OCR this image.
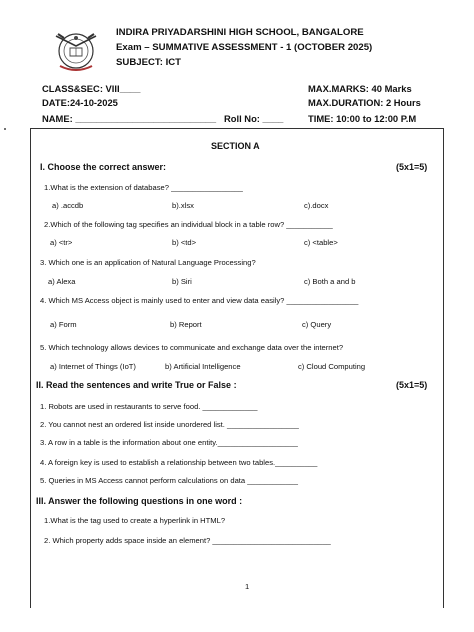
INDIRA PRIYADARSHINI HIGH SCHOOL, BANGALORE
Exam – SUMMATIVE ASSESSMENT - 1 (OCTOBER 2025)
SUBJECT: ICT
CLASS&SEC: VIII____	MAX.MARKS: 40 Marks
DATE:24-10-2025	MAX.DURATION: 2 Hours
NAME: ___________________________ Roll No: ____	TIME: 10:00 to 12:00 P.M
SECTION A
I. Choose the correct answer:	(5x1=5)
1.What is the extension of database? _________________
a) .accdb	b).xlsx	c).docx
2.Which of the following tag specifies an individual block in a table row? ___________
a) <tr>	b) <td>	c) <table>
3. Which one is an application of Natural Language Processing?
a) Alexa	b) Siri	c) Both a and b
4. Which MS Access object is mainly used to enter and view data easily? _________________
a) Form	b) Report	c) Query
5. Which technology allows devices to communicate and exchange data over the internet?
a) Internet of Things (IoT)	b) Artificial Intelligence	c) Cloud Computing
II. Read the sentences and write True or False :	(5x1=5)
1. Robots are used in restaurants to serve food. _____________
2. You cannot nest an ordered list inside unordered list. _________________
3. A row in a table is the information about one entity.___________________
4. A foreign key is used to establish a relationship between two tables.__________
5. Queries in MS Access cannot perform calculations on data ____________
III. Answer the following questions in one word :
1.What is the tag used to create a hyperlink in HTML?
2. Which property adds space inside an element? ____________________________
1
